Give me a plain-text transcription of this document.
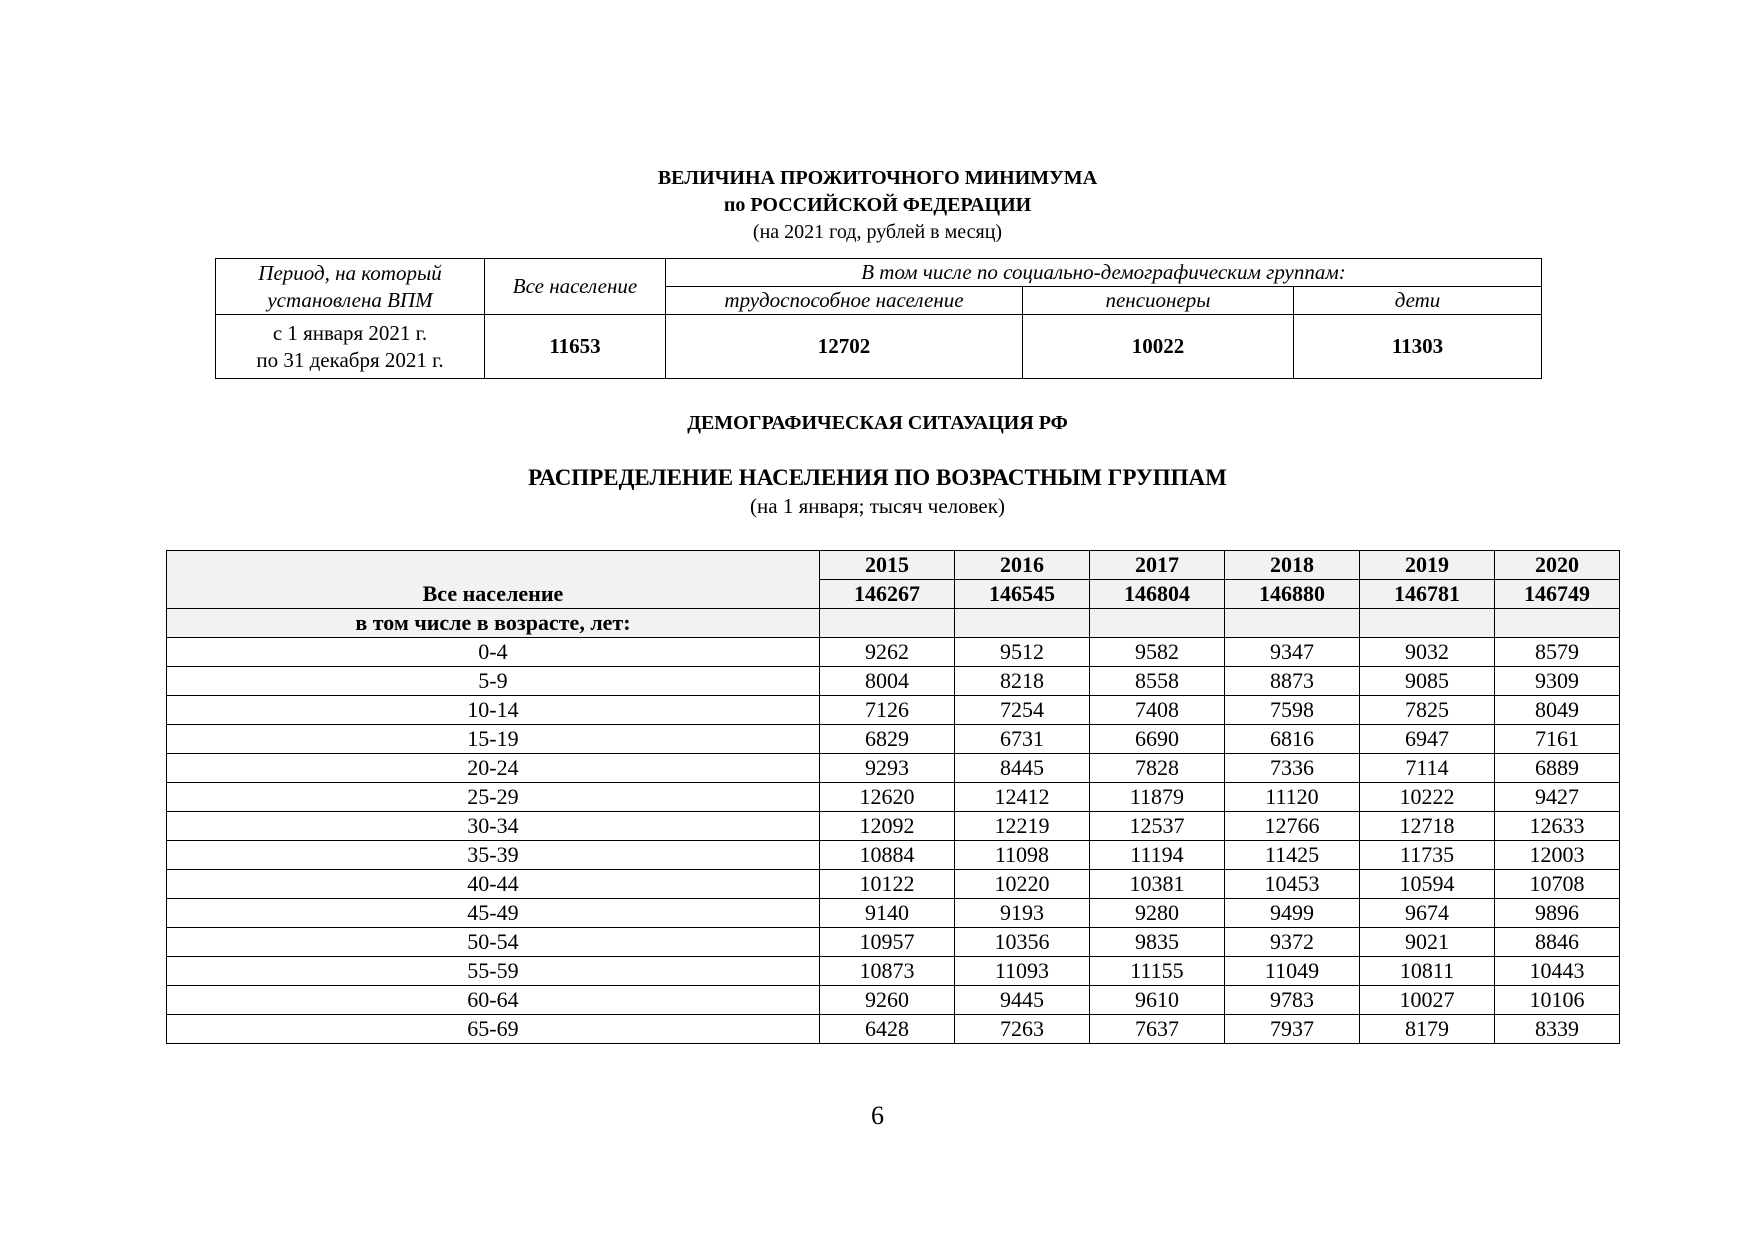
ВЕЛИЧИНА ПРОЖИТОЧНОГО МИНИМУМА
по РОССИЙСКОЙ ФЕДЕРАЦИИ
(на 2021 год, рублей в месяц)
Период, на который установлена ВПМ	Все население	В том числе по социально-демографическим группам:		
		трудоспособное население	пенсионеры	дети

с 1 января 2021 г.
по 31 декабря 2021 г.	11653	12702	10022	11303
ДЕМОГРАФИЧЕСКАЯ СИТАУАЦИЯ РФ
РАСПРЕДЕЛЕНИЕ НАСЕЛЕНИЯ ПО ВОЗРАСТНЫМ ГРУППАМ
(на 1 января; тысяч человек)
Все население	2015	2016	2017	2018	2019	2020
	146267	146545	146804	146880	146781	146749
в том числе в возрасте, лет:						
0-4	9262	9512	9582	9347	9032	8579
5-9	8004	8218	8558	8873	9085	9309
10-14	7126	7254	7408	7598	7825	8049
15-19	6829	6731	6690	6816	6947	7161
20-24	9293	8445	7828	7336	7114	6889
25-29	12620	12412	11879	11120	10222	9427
30-34	12092	12219	12537	12766	12718	12633
35-39	10884	11098	11194	11425	11735	12003
40-44	10122	10220	10381	10453	10594	10708
45-49	9140	9193	9280	9499	9674	9896
50-54	10957	10356	9835	9372	9021	8846
55-59	10873	11093	11155	11049	10811	10443
60-64	9260	9445	9610	9783	10027	10106
65-69	6428	7263	7637	7937	8179	8339
6
